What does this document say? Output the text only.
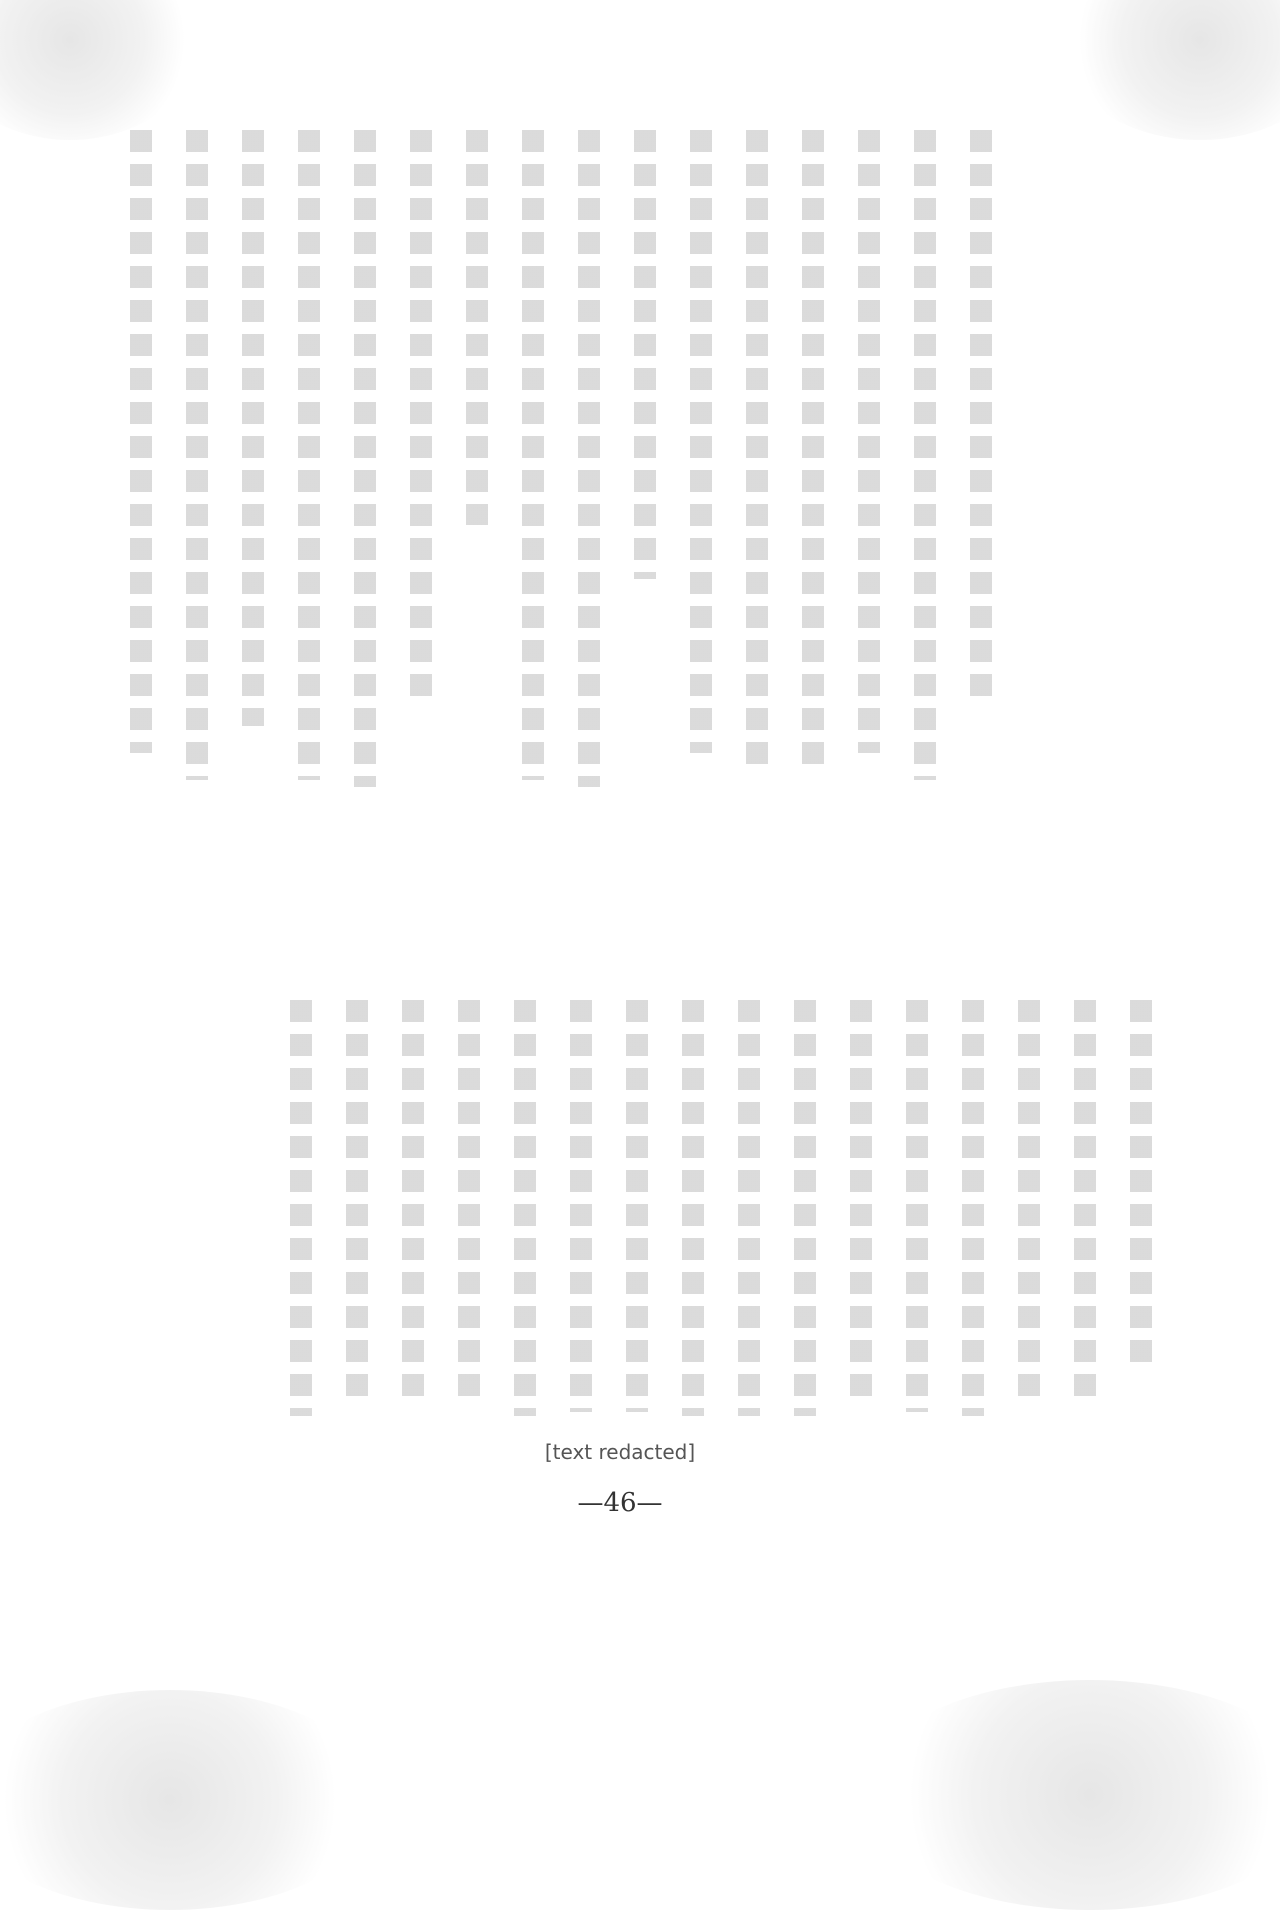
[text redacted]
—46—
